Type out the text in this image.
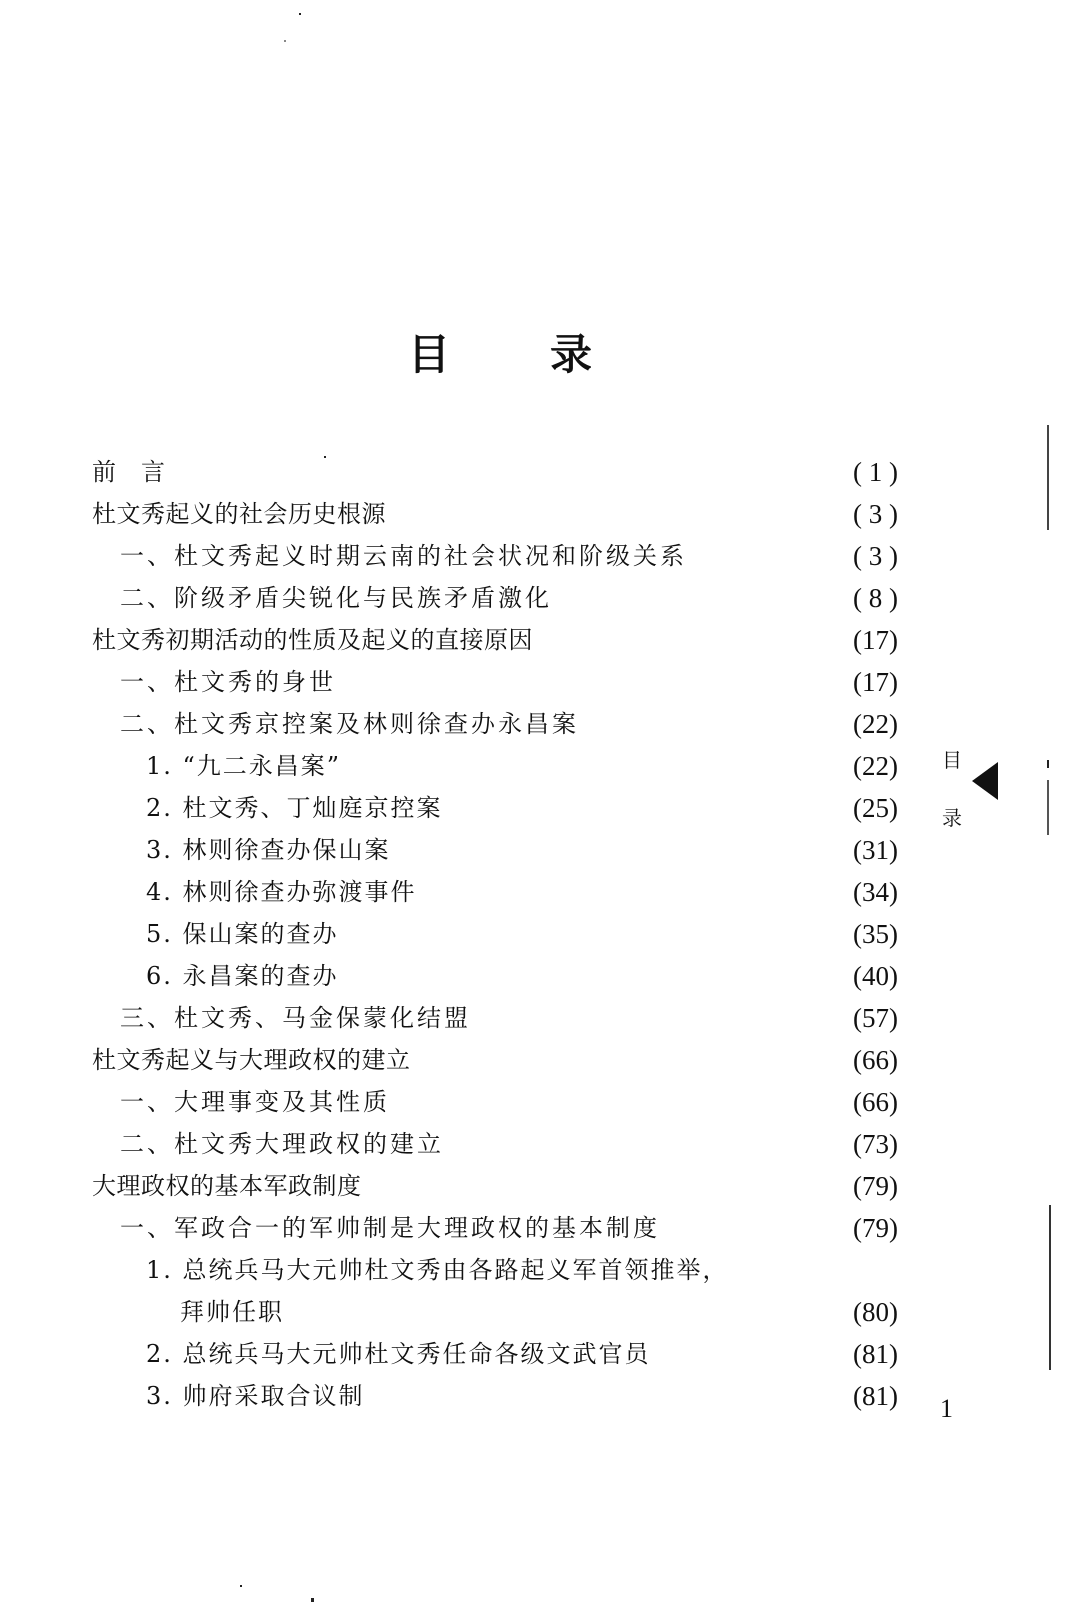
目 录
前　言	( 1 )
杜文秀起义的社会历史根源	( 3 )
一、杜文秀起义时期云南的社会状况和阶级关系	( 3 )
二、阶级矛盾尖锐化与民族矛盾激化	( 8 )
杜文秀初期活动的性质及起义的直接原因	(17)
一、杜文秀的身世	(17)
二、杜文秀京控案及林则徐查办永昌案	(22)
1. “九二永昌案”	(22)
2. 杜文秀、丁灿庭京控案	(25)
3. 林则徐查办保山案	(31)
4. 林则徐查办弥渡事件	(34)
5. 保山案的查办	(35)
6. 永昌案的查办	(40)
三、杜文秀、马金保蒙化结盟	(57)
杜文秀起义与大理政权的建立	(66)
一、大理事变及其性质	(66)
二、杜文秀大理政权的建立	(73)
大理政权的基本军政制度	(79)
一、军政合一的军帅制是大理政权的基本制度	(79)
1. 总统兵马大元帅杜文秀由各路起义军首领推举，
拜帅任职	(80)
2. 总统兵马大元帅杜文秀任命各级文武官员	(81)
3. 帅府采取合议制	(81)
目
录
1
